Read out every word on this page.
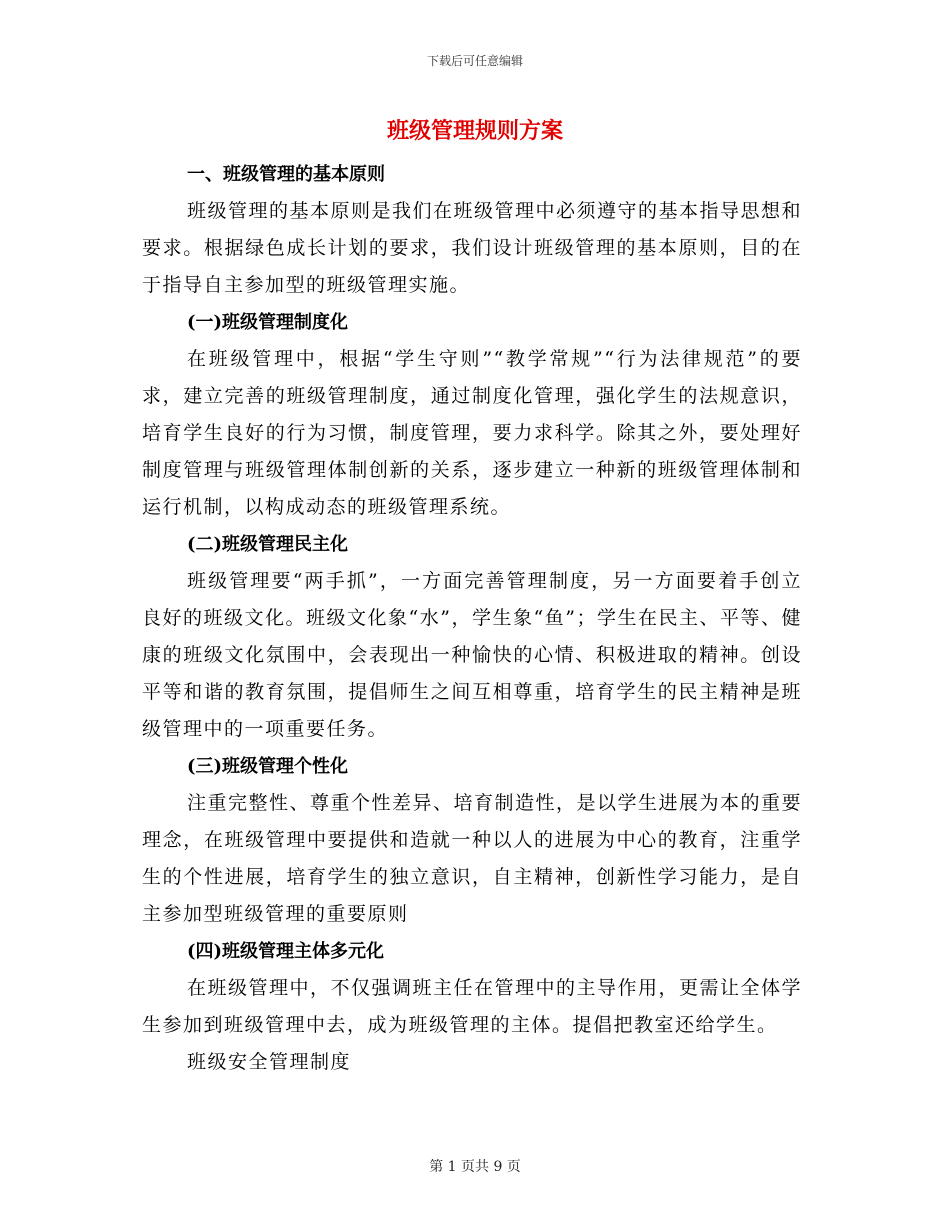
下载后可任意编辑
班级管理规则方案

一、班级管理的基本原则

班级管理的基本原则是我们在班级管理中必须遵守的基本指导思想和要求。根据绿色成长计划的要求，我们设计班级管理的基本原则，目的在于指导自主参加型的班级管理实施。

(一)班级管理制度化

在班级管理中，根据“学生守则”“教学常规”“行为法律规范”的要求，建立完善的班级管理制度，通过制度化管理，强化学生的法规意识，培育学生良好的行为习惯，制度管理，要力求科学。除其之外，要处理好制度管理与班级管理体制创新的关系，逐步建立一种新的班级管理体制和运行机制，以构成动态的班级管理系统。

(二)班级管理民主化

班级管理要“两手抓”，一方面完善管理制度，另一方面要着手创立良好的班级文化。班级文化象“水”，学生象“鱼”；学生在民主、平等、健康的班级文化氛围中，会表现出一种愉快的心情、积极进取的精神。创设平等和谐的教育氛围，提倡师生之间互相尊重，培育学生的民主精神是班级管理中的一项重要任务。

(三)班级管理个性化

注重完整性、尊重个性差异、培育制造性，是以学生进展为本的重要理念，在班级管理中要提供和造就一种以人的进展为中心的教育，注重学生的个性进展，培育学生的独立意识，自主精神，创新性学习能力，是自主参加型班级管理的重要原则

(四)班级管理主体多元化

在班级管理中，不仅强调班主任在管理中的主导作用，更需让全体学生参加到班级管理中去，成为班级管理的主体。提倡把教室还给学生。

班级安全管理制度

第 1 页共 9 页
